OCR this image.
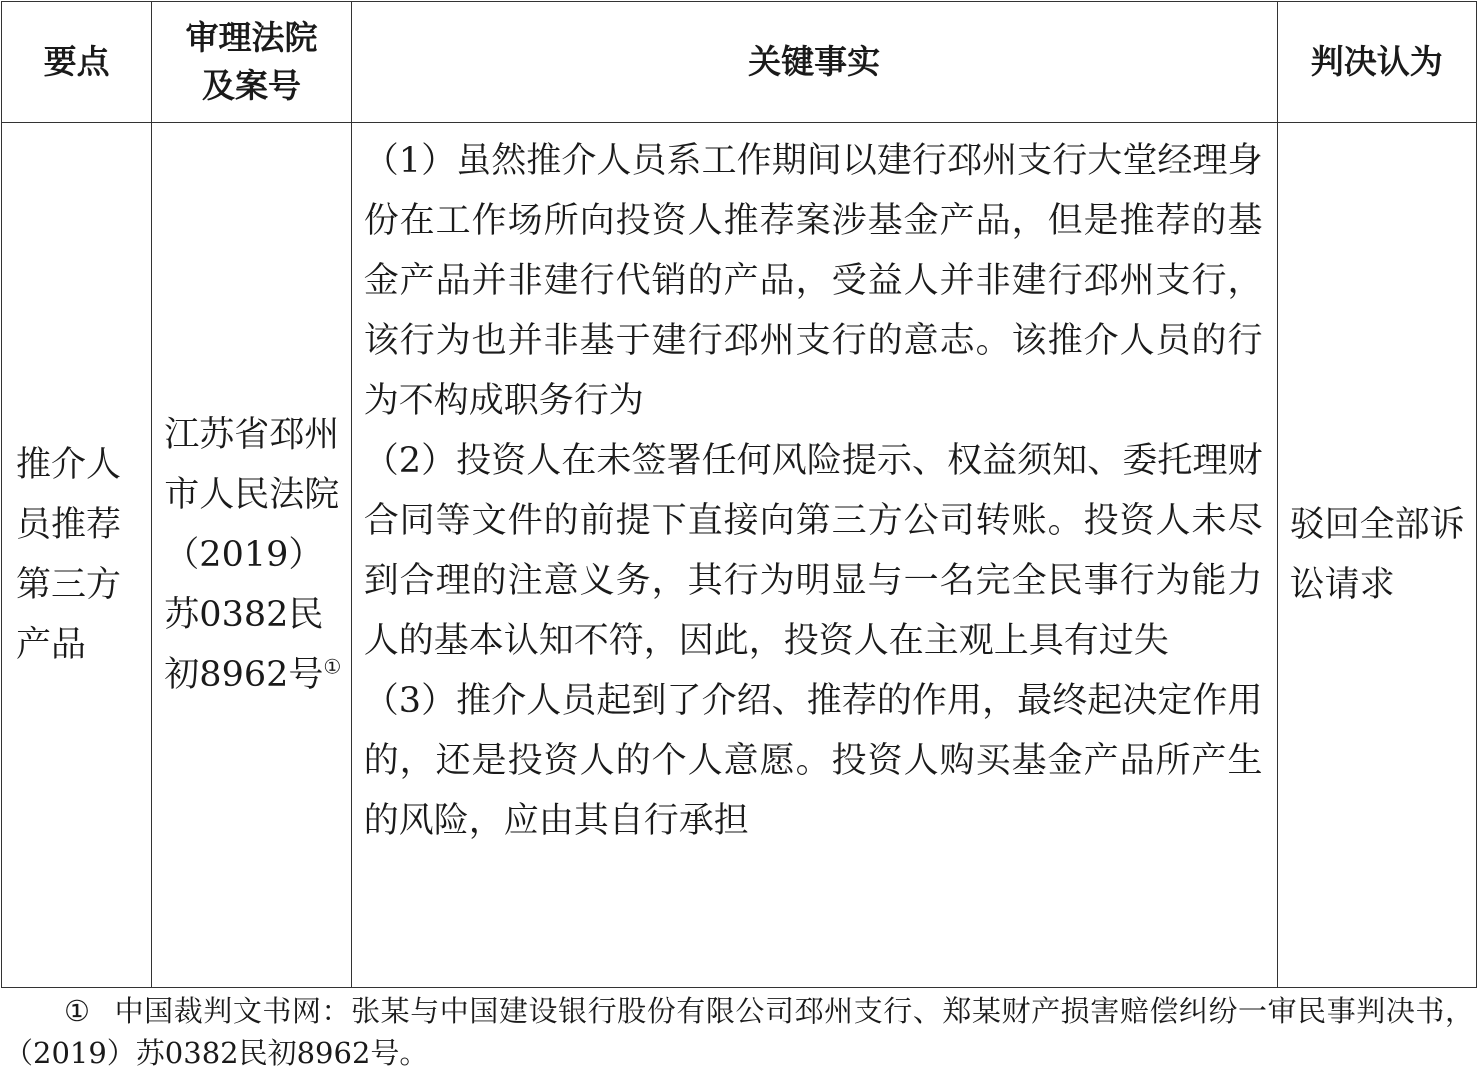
要点	审理法院及案号	关键事实	判决认为
推介人员推荐第三方产品	江苏省邳州市人民法院（2019）苏0382民初8962号①	（1）虽然推介人员系工作期间以建行邳州支行大堂经理身份在工作场所向投资人推荐案涉基金产品，但是推荐的基金产品并非建行代销的产品，受益人并非建行邳州支行，该行为也并非基于建行邳州支行的意志。该推介人员的行为不构成职务行为
（2）投资人在未签署任何风险提示、权益须知、委托理财合同等文件的前提下直接向第三方公司转账。投资人未尽到合理的注意义务，其行为明显与一名完全民事行为能力人的基本认知不符，因此，投资人在主观上具有过失
（3）推介人员起到了介绍、推荐的作用，最终起决定作用的，还是投资人的个人意愿。投资人购买基金产品所产生的风险，应由其自行承担	驳回全部诉讼请求
① 中国裁判文书网：张某与中国建设银行股份有限公司邳州支行、郑某财产损害赔偿纠纷一审民事判决书，（2019）苏0382民初8962号。
